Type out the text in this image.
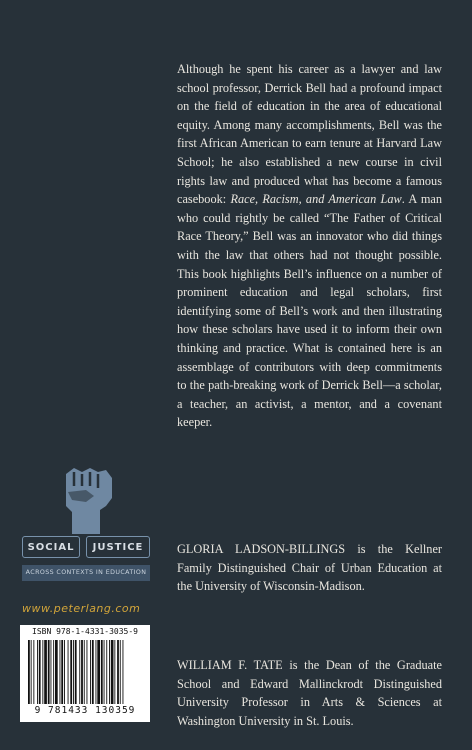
Although he spent his career as a lawyer and law school professor, Derrick Bell had a profound impact on the field of education in the area of educational equity. Among many accomplishments, Bell was the first African American to earn tenure at Harvard Law School; he also established a new course in civil rights law and produced what has become a famous casebook: Race, Racism, and American Law. A man who could rightly be called “The Father of Critical Race Theory,” Bell was an innovator who did things with the law that others had not thought possible. This book highlights Bell’s influence on a number of prominent education and legal scholars, first identifying some of Bell’s work and then illustrating how these scholars have used it to inform their own thinking and practice. What is contained here is an assemblage of contributors with deep commitments to the path-breaking work of Derrick Bell—a scholar, a teacher, an activist, a mentor, and a covenant keeper.

GLORIA LADSON-BILLINGS is the Kellner Family Distinguished Chair of Urban Education at the University of Wisconsin-Madison.

WILLIAM F. TATE is the Dean of the Graduate School and Edward Mallinckrodt Distinguished University Professor in Arts & Sciences at Washington University in St. Louis.

SOCIAL	JUSTICE
ACROSS CONTEXTS IN EDUCATION
www.peterlang.com
ISBN 978-1-4331-3035-9
9 781433 130359
